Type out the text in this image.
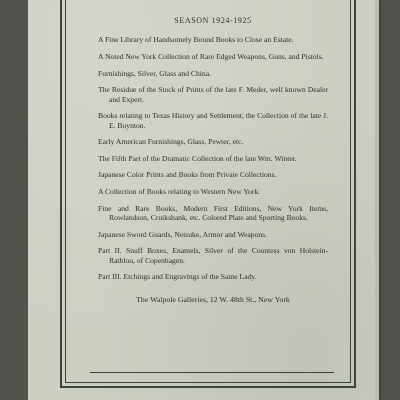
SEASON 1924-1925

A Fine Library of Handsomely Bound Books to Close an Estate.

A Noted New York Collection of Rare Edged Weapons, Guns, and Pistols.

Furnishings, Silver, Glass and China.

The Residue of the Stock of Prints of the late F. Meder, well known Dealer and Expert.

Books relating to Texas History and Settlement, the Collection of the late J. E. Boynton.

Early American Furnishings, Glass, Pewter, etc.

The Fifth Part of the Dramatic Collection of the late Wm. Winter.

Japanese Color Prints and Books from Private Collections.

A Collection of Books relating to Western New York.

Fine and Rare Books, Modern First Editions, New York Items, Rowlandson, Cruikshank, etc. Colored Plate and Sporting Books.

Japanese Sword Guards, Netsuke, Armor and Weapons.

Part II. Snuff Boxes, Enamels, Silver of the Countess von Holstein-Rathlou, of Copenhagen.

Part III. Etchings and Engravings of the Same Lady.

The Walpole Galleries, 12 W. 48th St., New York
